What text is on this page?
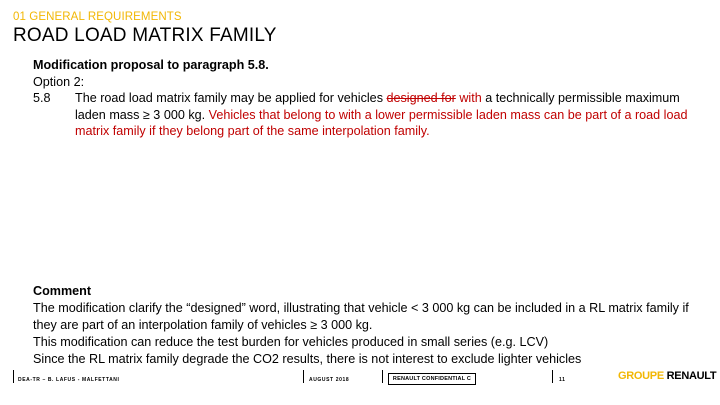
01 GENERAL REQUIREMENTS
ROAD LOAD MATRIX FAMILY
Modification proposal to paragraph 5.8.
Option 2:
5.8	The road load matrix family may be applied for vehicles designed for with a technically permissible maximum laden mass ≥ 3 000 kg. Vehicles that belong to with a lower permissible laden mass can be part of a road load matrix family if they belong part of the same interpolation family.
Comment
The modification clarify the “designed” word, illustrating that vehicle < 3 000 kg can be included in a RL matrix family if they are part of an interpolation family of vehicles ≥ 3 000 kg.
This modification can reduce the test burden for vehicles produced in small series (e.g. LCV)
Since the RL matrix family degrade the CO2 results, there is not interest to exclude lighter vehicles
DEA-TR – B. LAFUS - MALFETTANI	AUGUST 2018	RENAULT CONFIDENTIAL C	11	GROUPE RENAULT
